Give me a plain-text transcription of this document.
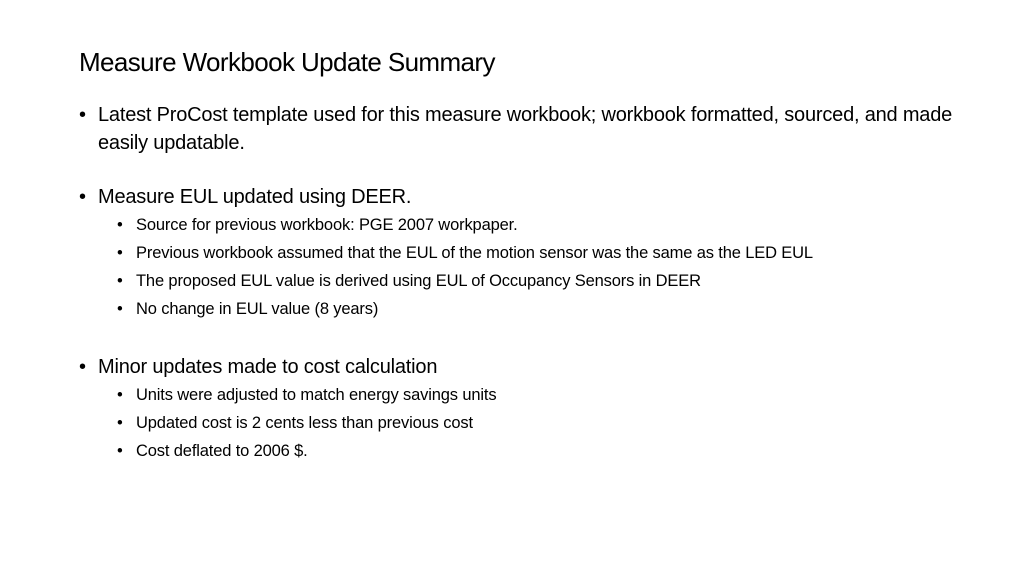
Measure Workbook Update Summary
• Latest ProCost template used for this measure workbook; workbook formatted, sourced, and made easily updatable.
• Measure EUL updated using DEER.
• Source for previous workbook: PGE 2007 workpaper.
• Previous workbook assumed that the EUL of the motion sensor was the same as the LED EUL
• The proposed EUL value is derived using EUL of Occupancy Sensors in DEER
• No change in EUL value (8 years)
• Minor updates made to cost calculation
• Units were adjusted to match energy savings units
• Updated cost is 2 cents less than previous cost
• Cost deflated to 2006 $.
